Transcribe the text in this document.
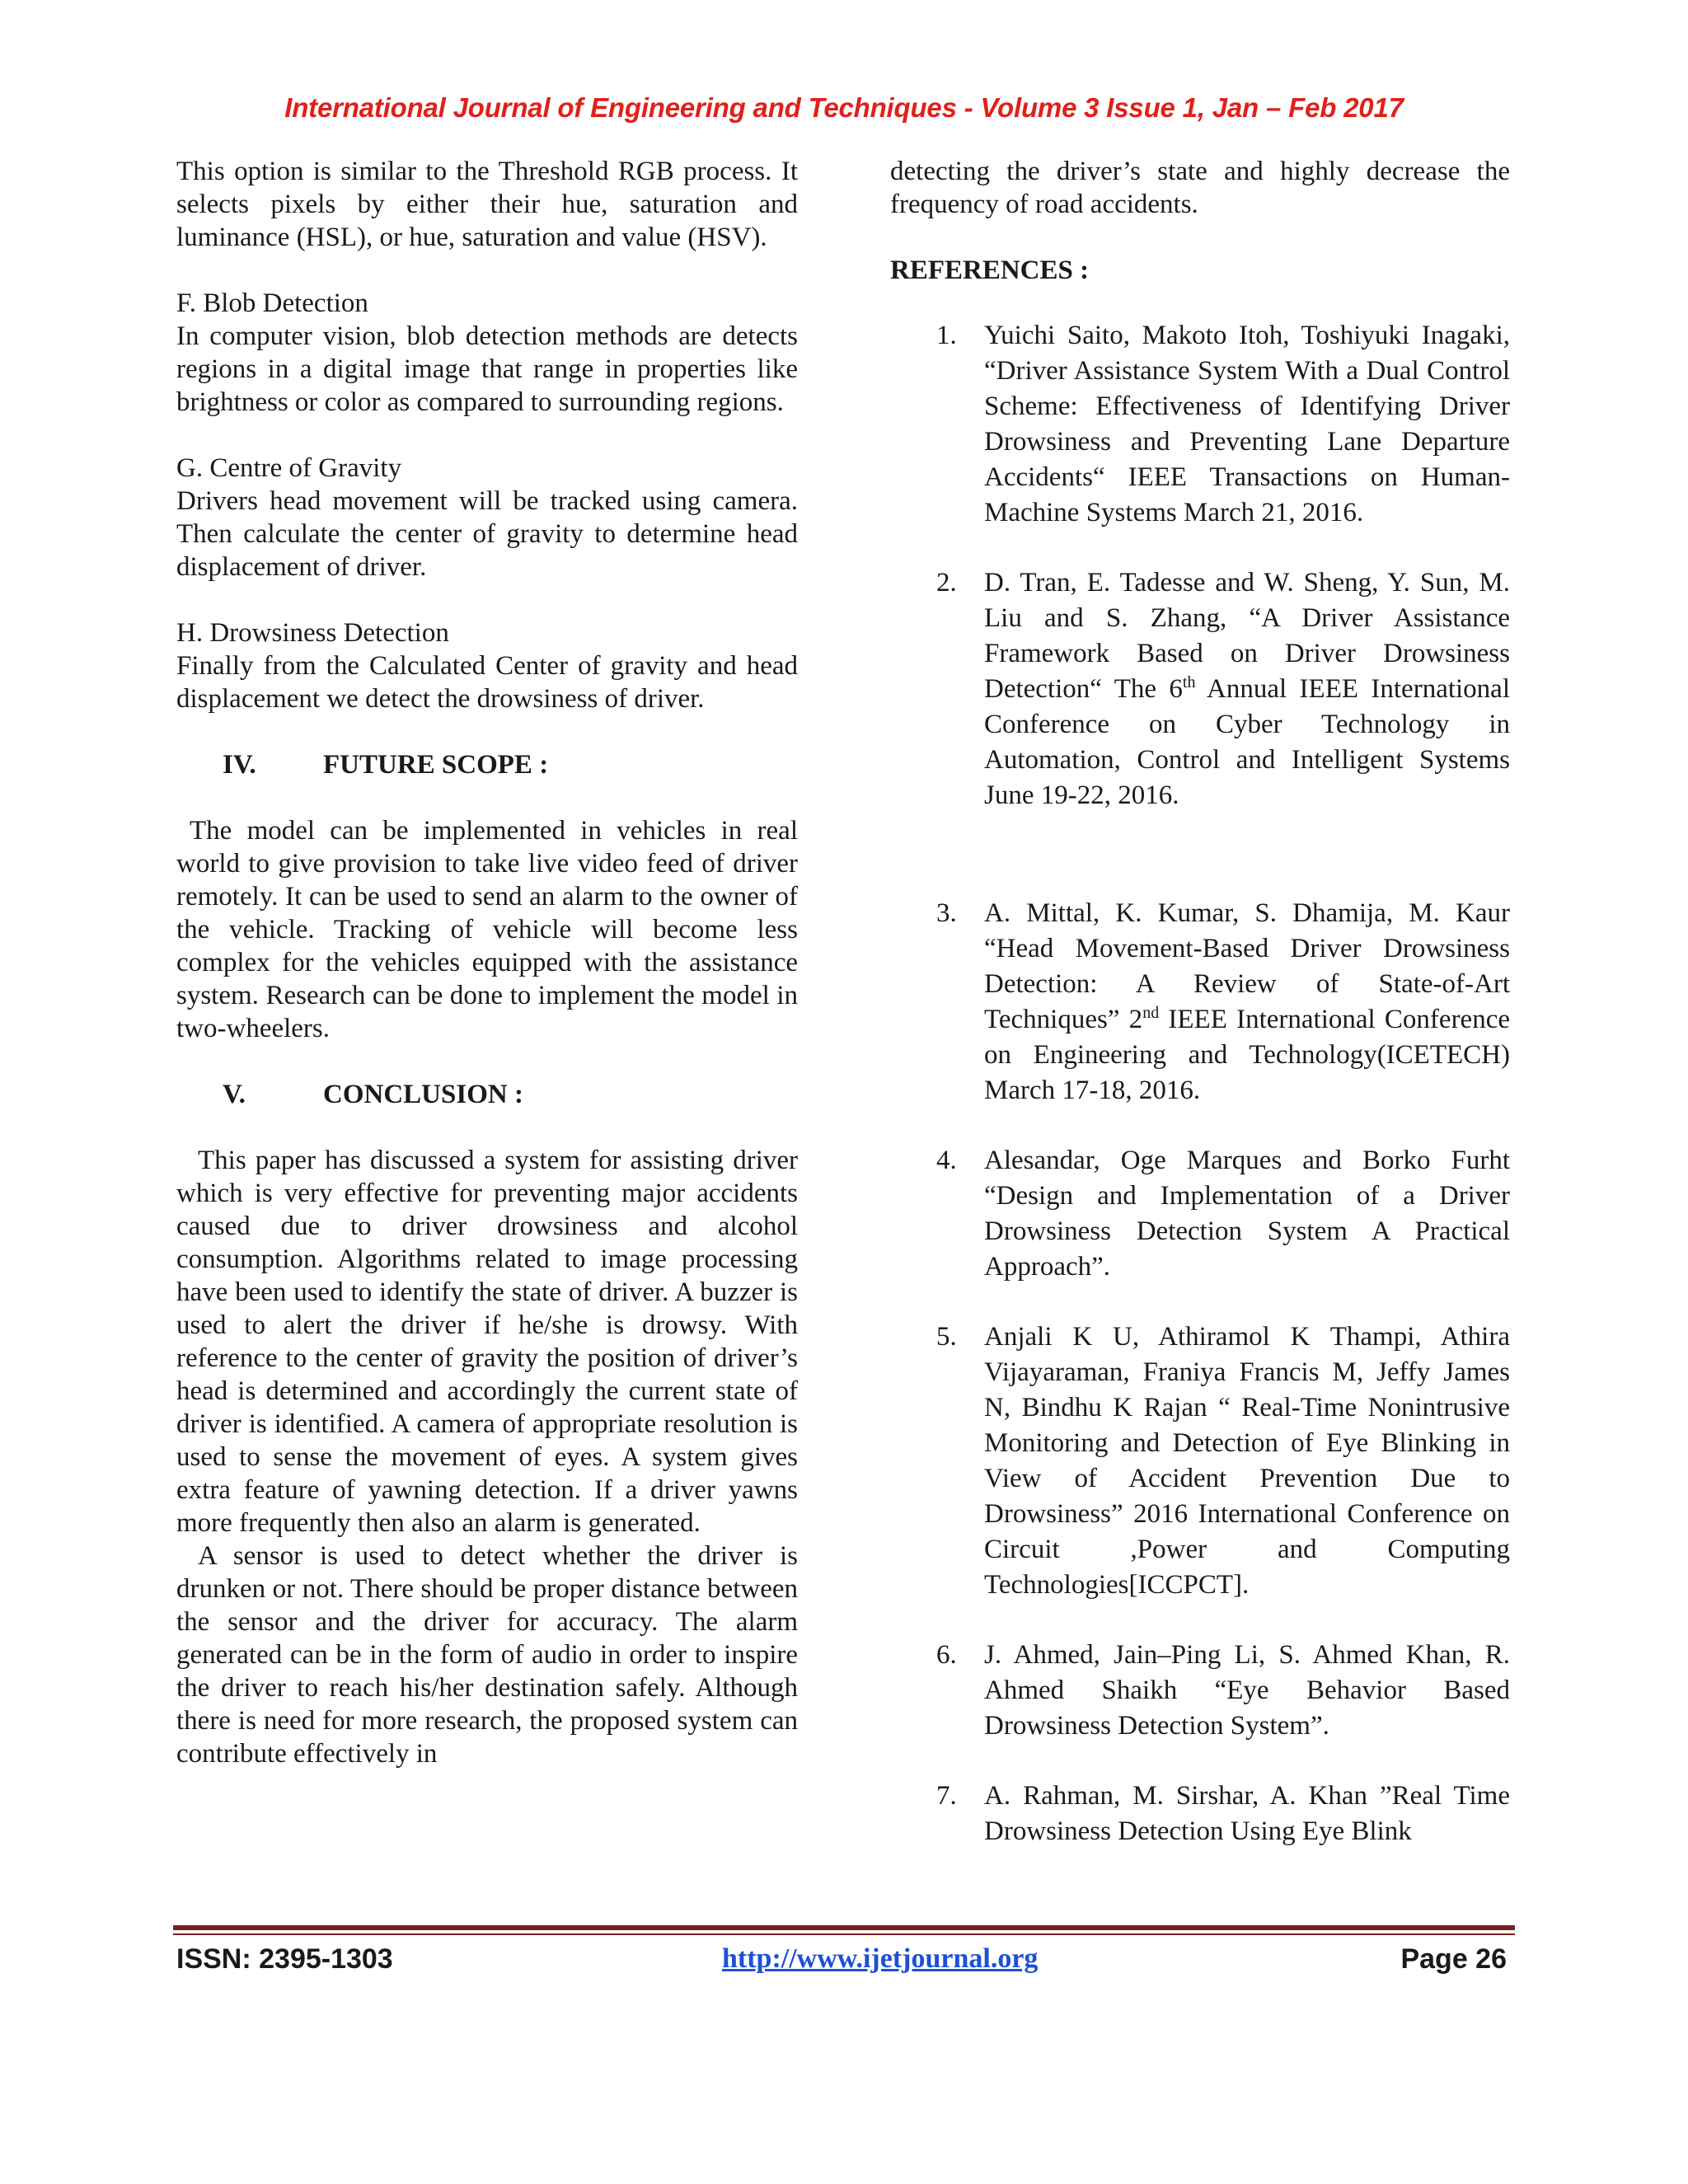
International Journal of Engineering and Techniques - Volume 3 Issue 1, Jan – Feb 2017

This option is similar to the Threshold RGB process. It selects pixels by either their hue, saturation and luminance (HSL), or hue, saturation and value (HSV).

F. Blob Detection

In computer vision, blob detection methods are detects regions in a digital image that range in properties like brightness or color as compared to surrounding regions.

G. Centre of Gravity

Drivers head movement will be tracked using camera. Then calculate the center of gravity to determine head displacement of driver.

H. Drowsiness Detection

Finally from the Calculated Center of gravity and head displacement we detect the drowsiness of driver.

IV. FUTURE SCOPE :

The model can be implemented in vehicles in real world to give provision to take live video feed of driver remotely. It can be used to send an alarm to the owner of the vehicle. Tracking of vehicle will become less complex for the vehicles equipped with the assistance system. Research can be done to implement the model in two-wheelers.

V.	CONCLUSION :

This paper has discussed a system for assisting driver which is very effective for preventing major accidents caused due to driver drowsiness and alcohol consumption. Algorithms related to image processing have been used to identify the state of driver. A buzzer is used to alert the driver if he/she is drowsy. With reference to the center of gravity the position of driver’s head is determined and accordingly the current state of driver is identified. A camera of appropriate resolution is used to sense the movement of eyes. A system gives extra feature of yawning detection. If a driver yawns more frequently then also an alarm is generated.

A sensor is used to detect whether the driver is drunken or not. There should be proper distance between the sensor and the driver for accuracy. The alarm generated can be in the form of audio in order to inspire the driver to reach his/her destination safely. Although there is need for more research, the proposed system can contribute effectively in

detecting the driver’s state and highly decrease the frequency of road accidents.

REFERENCES :
1. Yuichi Saito, Makoto Itoh, Toshiyuki Inagaki, “Driver Assistance System With a Dual Control Scheme: Effectiveness of Identifying Driver Drowsiness and Preventing Lane Departure Accidents“ IEEE Transactions on Human-Machine Systems March 21, 2016.
2. D. Tran, E. Tadesse and W. Sheng, Y. Sun, M. Liu and S. Zhang, “A Driver Assistance Framework Based on Driver Drowsiness Detection“ The 6th Annual IEEE International Conference on Cyber Technology in Automation, Control and Intelligent Systems June 19-22, 2016.
3. A. Mittal, K. Kumar, S. Dhamija, M. Kaur “Head Movement-Based Driver Drowsiness Detection: A Review of State-of-Art Techniques” 2nd IEEE International Conference on Engineering and Technology(ICETECH) March 17-18, 2016.
4. Alesandar, Oge Marques and Borko Furht “Design and Implementation of a Driver Drowsiness Detection System A Practical Approach”.
5. Anjali K U, Athiramol K Thampi, Athira Vijayaraman, Franiya Francis M, Jeffy James N, Bindhu K Rajan “ Real-Time Nonintrusive Monitoring and Detection of Eye Blinking in View of Accident Prevention Due to Drowsiness” 2016 International Conference on Circuit ,Power and Computing Technologies[ICCPCT].
6. J. Ahmed, Jain–Ping Li, S. Ahmed Khan, R. Ahmed Shaikh “Eye Behavior Based Drowsiness Detection System”.
7. A. Rahman, M. Sirshar, A. Khan ”Real Time Drowsiness Detection Using Eye Blink
ISSN: 2395-1303	http://www.ijetjournal.org	Page 26
